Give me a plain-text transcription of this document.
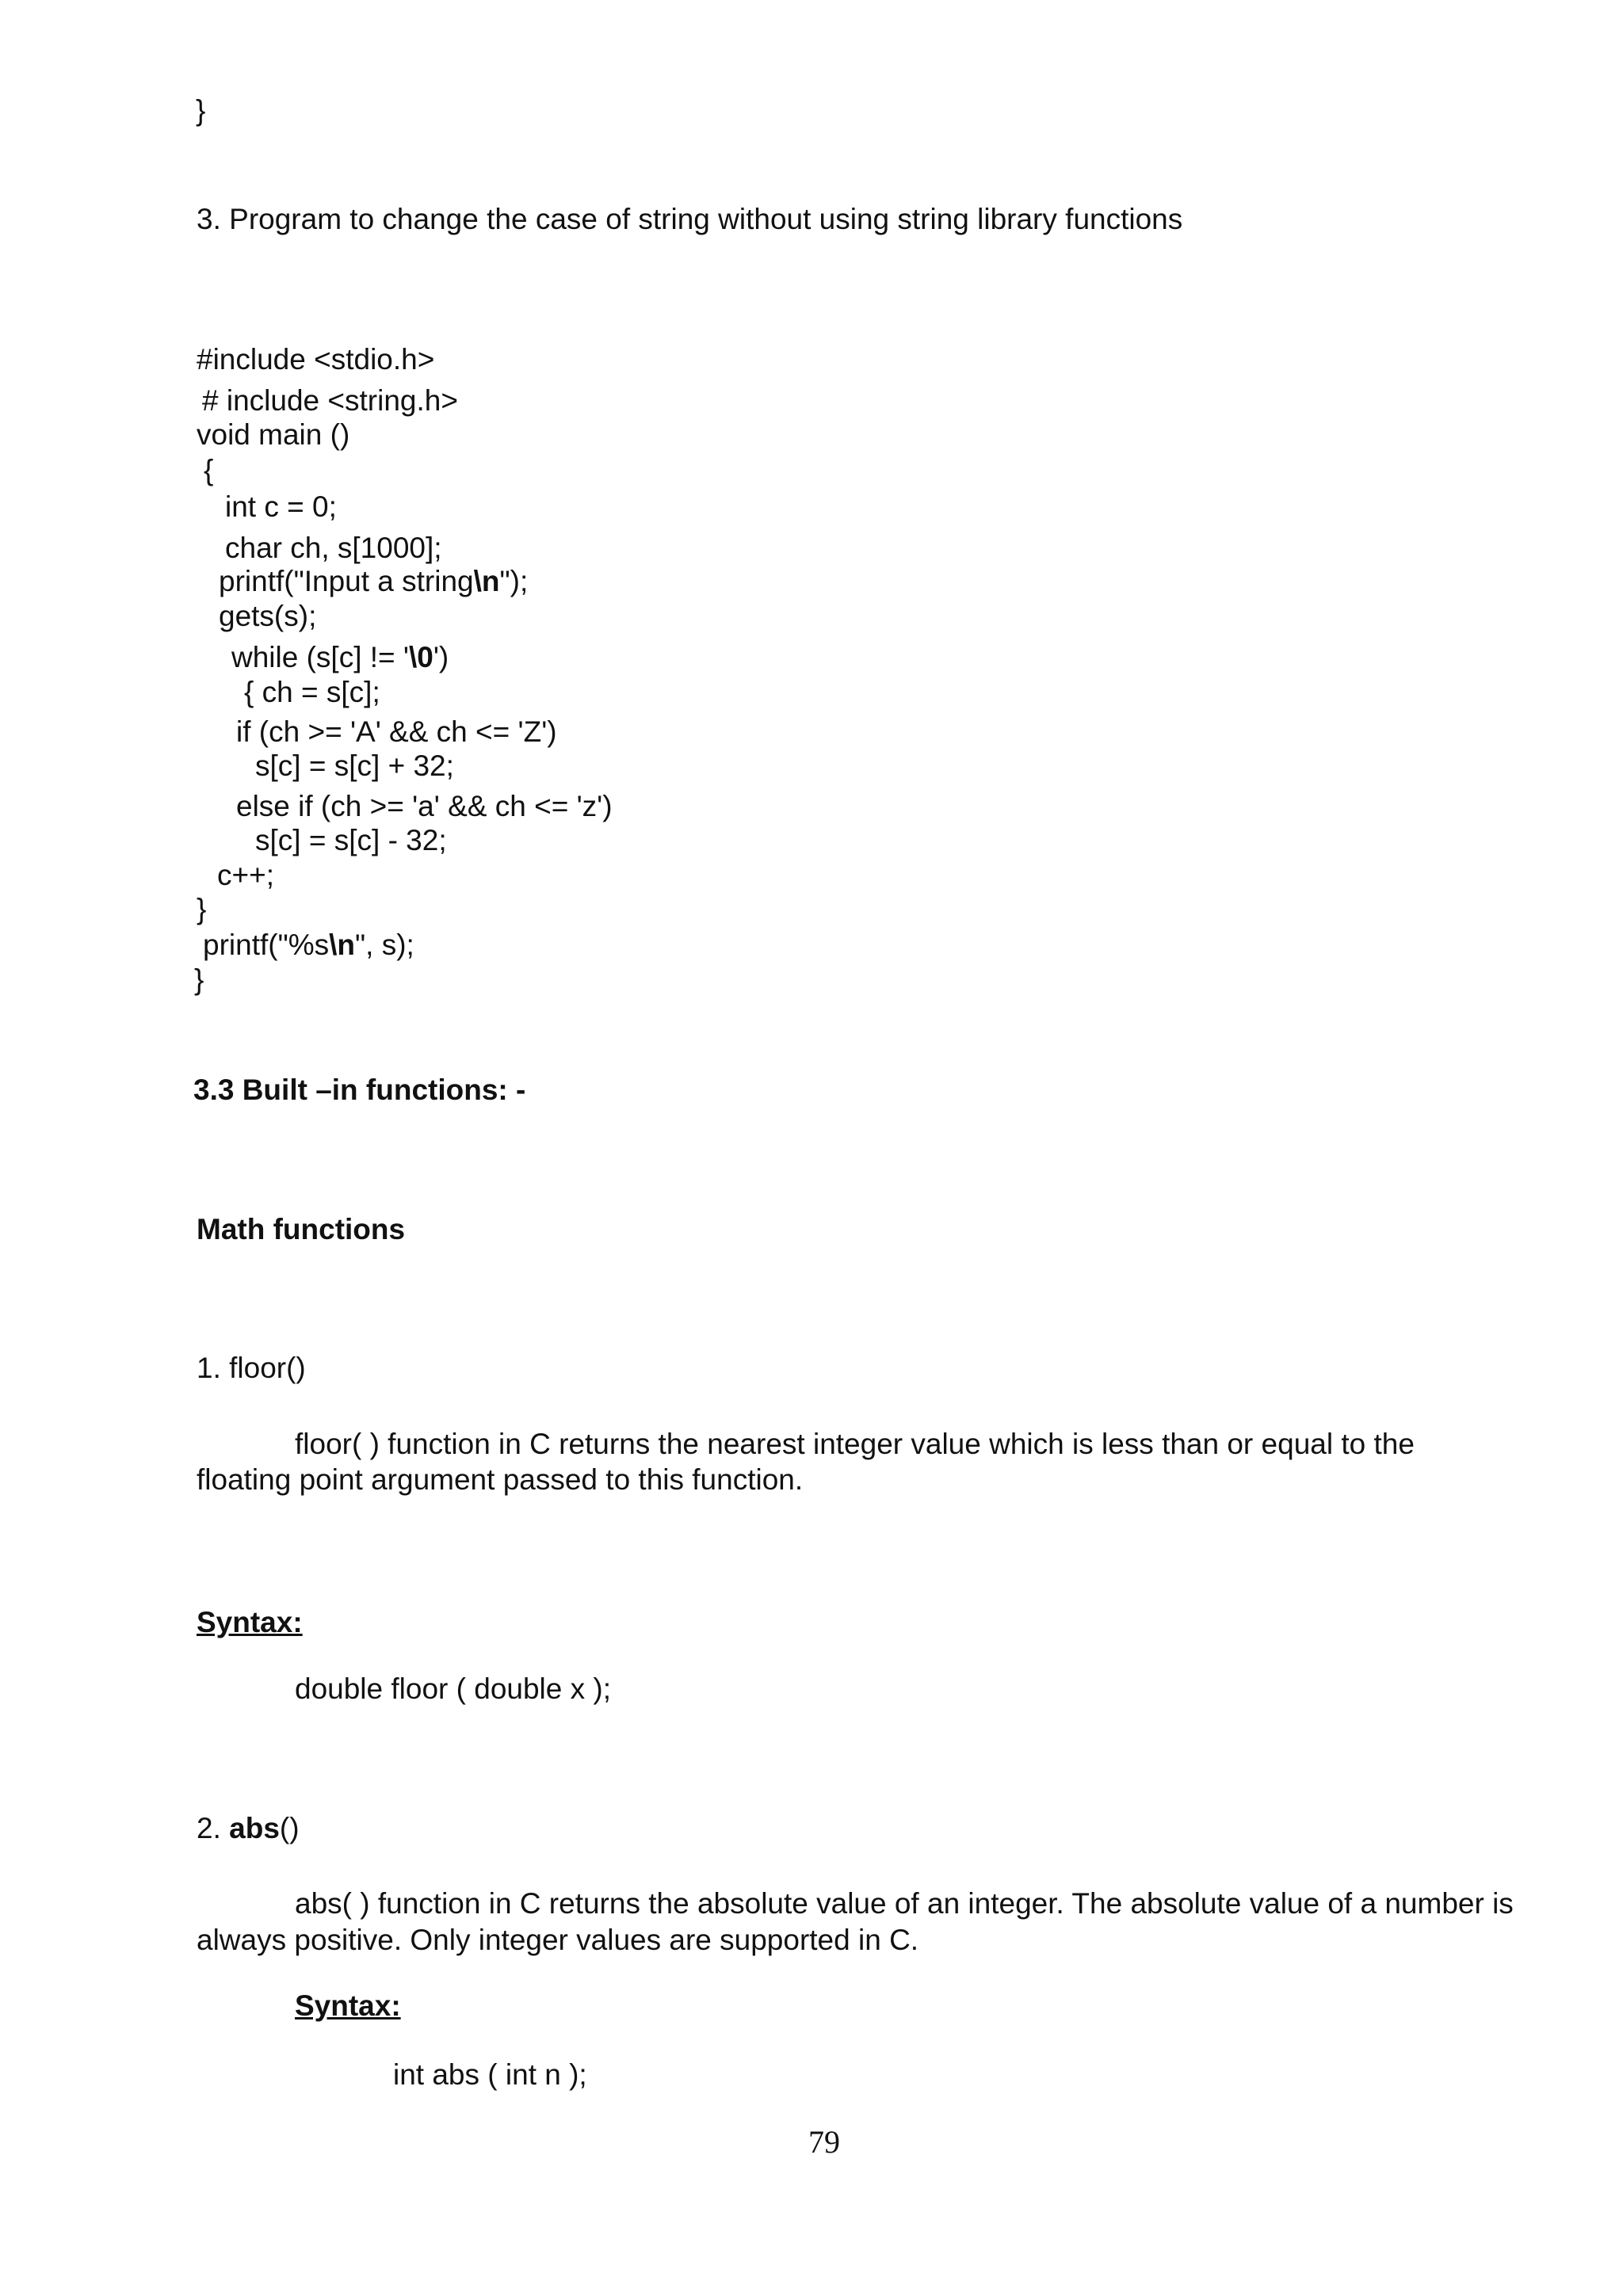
}
3. Program to change the case of string without using string library functions
#include <stdio.h>
# include <string.h>
void main ()
{
int c = 0;
char ch, s[1000];
printf("Input a string\n");
gets(s);
while (s[c] != '\0')
{ ch = s[c];
if (ch >= 'A' && ch <= 'Z')
s[c] = s[c] + 32;
else if (ch >= 'a' && ch <= 'z')
s[c] = s[c] - 32;
c++;
}
printf("%s\n", s);
}
3.3 Built –in functions: -
Math functions
1. floor()
floor( ) function in C returns the nearest integer value which is less than or equal to the
floating point argument passed to this function.
Syntax:
double floor ( double x );
2. abs()
abs( ) function in C returns the absolute value of an integer. The absolute value of a number is
always positive. Only integer values are supported in C.
Syntax:
int abs ( int n );
79
